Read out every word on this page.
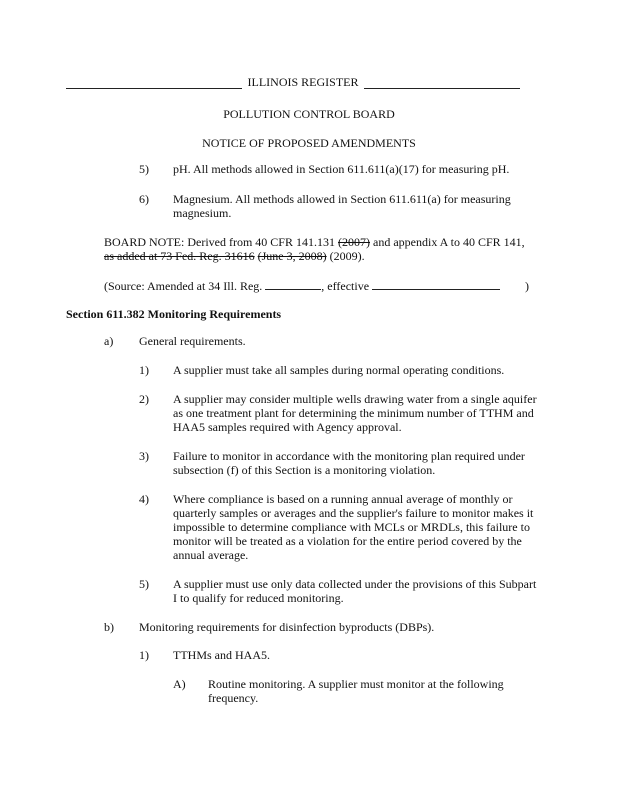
ILLINOIS REGISTER
POLLUTION CONTROL BOARD
NOTICE OF PROPOSED AMENDMENTS
5) pH. All methods allowed in Section 611.611(a)(17) for measuring pH.
6) Magnesium. All methods allowed in Section 611.611(a) for measuring
magnesium.
BOARD NOTE: Derived from 40 CFR 141.131 (2007) and appendix A to 40 CFR 141,
as added at 73 Fed. Reg. 31616 (June 3, 2008) (2009).
(Source: Amended at 34 Ill. Reg.	, effective	)
Section 611.382 Monitoring Requirements
a) General requirements.
1) A supplier must take all samples during normal operating conditions.
2) A supplier may consider multiple wells drawing water from a single aquifer
as one treatment plant for determining the minimum number of TTHM and
HAA5 samples required with Agency approval.
3) Failure to monitor in accordance with the monitoring plan required under
subsection (f) of this Section is a monitoring violation.
4) Where compliance is based on a running annual average of monthly or
quarterly samples or averages and the supplier's failure to monitor makes it
impossible to determine compliance with MCLs or MRDLs, this failure to
monitor will be treated as a violation for the entire period covered by the
annual average.
5) A supplier must use only data collected under the provisions of this Subpart
I to qualify for reduced monitoring.
b) Monitoring requirements for disinfection byproducts (DBPs).
1) TTHMs and HAA5.
A) Routine monitoring. A supplier must monitor at the following
frequency.
